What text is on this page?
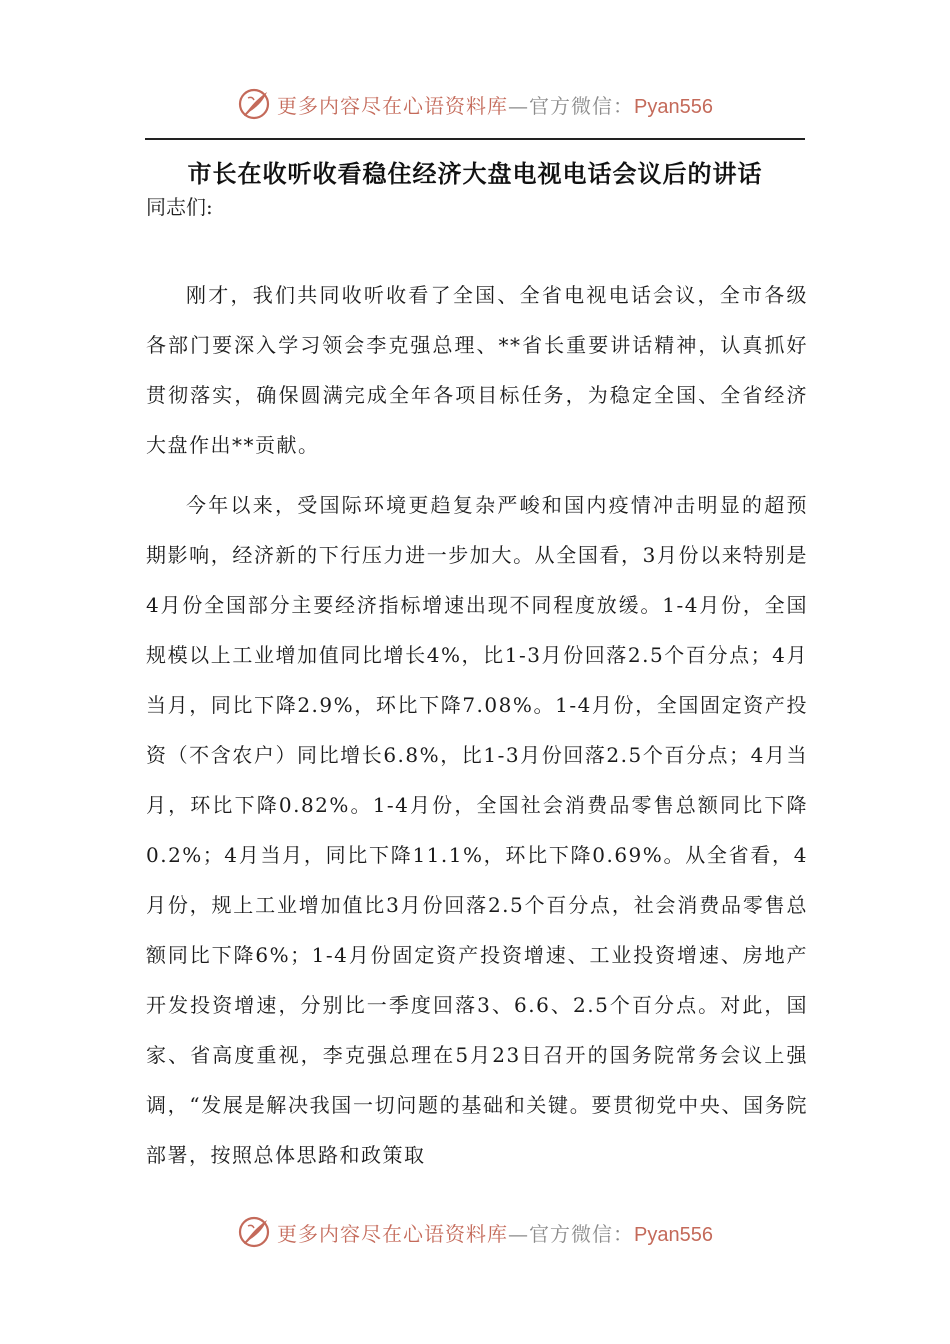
更多内容尽在心语资料库—官方微信：Pyan556
市长在收听收看稳住经济大盘电视电话会议后的讲话
同志们:

刚才，我们共同收听收看了全国、全省电视电话会议，全市各级各部门要深入学习领会李克强总理、**省长重要讲话精神，认真抓好贯彻落实，确保圆满完成全年各项目标任务，为稳定全国、全省经济大盘作出**贡献。

今年以来，受国际环境更趋复杂严峻和国内疫情冲击明显的超预期影响，经济新的下行压力进一步加大。从全国看，3月份以来特别是4月份全国部分主要经济指标增速出现不同程度放缓。1-4月份，全国规模以上工业增加值同比增长4%，比1-3月份回落2.5个百分点；4月当月，同比下降2.9%，环比下降7.08%。1-4月份，全国固定资产投资（不含农户）同比增长6.8%，比1-3月份回落2.5个百分点；4月当月，环比下降0.82%。1-4月份，全国社会消费品零售总额同比下降0.2%；4月当月，同比下降11.1%，环比下降0.69%。从全省看，4月份，规上工业增加值比3月份回落2.5个百分点，社会消费品零售总额同比下降6%；1-4月份固定资产投资增速、工业投资增速、房地产开发投资增速，分别比一季度回落3、6.6、2.5个百分点。对此，国家、省高度重视，李克强总理在5月23日召开的国务院常务会议上强调，“发展是解决我国一切问题的基础和关键。要贯彻党中央、国务院部署，按照总体思路和政策取

更多内容尽在心语资料库—官方微信：Pyan556
